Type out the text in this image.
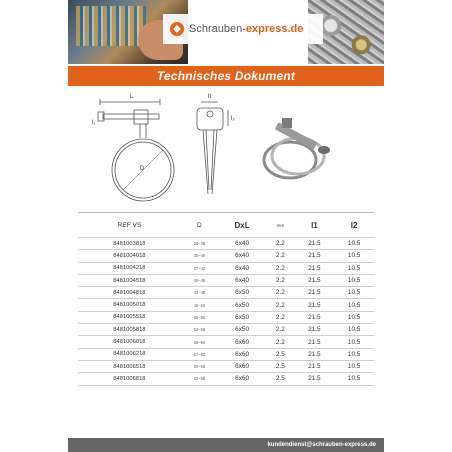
Schrauben-express.de
Technisches Dokument
L	h
l₁
D
l₂
REF VS	D	DxL	mm	l1	l2
8481003818	34–38	6x40	2.2	21.5	10.5
8481004018	35–40	6x40	2.2	21.5	10.5
8481004218	37–42	6x40	2.2	21.5	10.5
8481004518	40–45	6x40	2.2	21.5	10.5
8481004818	43–48	6x50	2.2	21.5	10.5
8481005018	45–50	6x50	2.2	21.5	10.5
8481005518	50–55	6x50	2.2	21.5	10.5
8481005818	53–58	6x50	2.2	21.5	10.5
8481006018	55–60	6x60	2.2	21.5	10.5
8481006218	57–62	6x60	2.5	21.5	10.5
8481006518	60–65	6x60	2.5	21.5	10.5
8481006818	63–68	6x60	2.5	21.5	10.5
kundendienst@schrauben-express.de
